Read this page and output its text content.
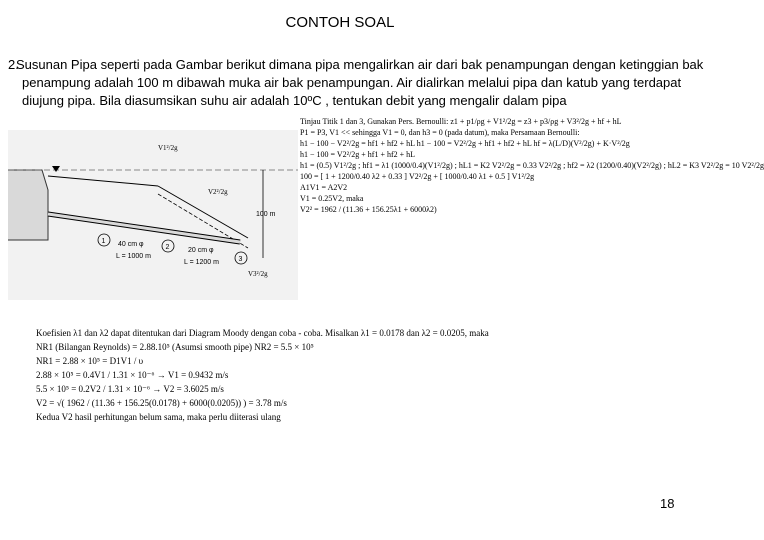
CONTOH SOAL
2.
Susunan Pipa seperti pada Gambar berikut dimana pipa mengalirkan air dari bak penampungan dengan ketinggian bak penampung adalah 100 m dibawah muka air bak penampungan. Air dialirkan melalui pipa dan katub yang terdapat diujung pipa. Bila diasumsikan suhu air adalah 10ºC , tentukan debit yang mengalir dalam pipa
100 m
V1²/2g
V2²/2g
V3²/2g
40 cm φ
L = 1000 m
20 cm φ
L = 1200 m
1
2
3
Tinjau Titik 1 dan 3, Gunakan Pers. Bernoulli: z1 + p1/ρg + V1²/2g = z3 + p3/ρg + V3²/2g + hf + hL
P1 = P3, V1 << sehingga V1 = 0, dan h3 = 0 (pada datum), maka Persamaan Bernoulli:
h1 − 100 − V2²/2g = hf1 + hf2 + hL h1 − 100 = V2²/2g + hf1 + hf2 + hL hf = λ(L/D)(V²/2g) + K·V²/2g
h1 − 100 = V2²/2g + hf1 + hf2 + hL
h1 = (0.5) V1²/2g ; hf1 = λ1 (1000/0.4)(V1²/2g) ; hL1 = K2 V2²/2g = 0.33 V2²/2g ; hf2 = λ2 (1200/0.40)(V2²/2g) ; hL2 = K3 V2²/2g = 10 V2²/2g
100 = [ 1 + 1200/0.40 λ2 + 0.33 ] V2²/2g + [ 1000/0.40 λ1 + 0.5 ] V1²/2g
A1V1 = A2V2
V1 = 0.25V2, maka
V2² = 1962 / (11.36 + 156.25λ1 + 6000λ2)
Koefisien λ1 dan λ2 dapat ditentukan dari Diagram Moody dengan coba - coba. Misalkan λ1 = 0.0178 dan λ2 = 0.0205, maka
NR1 (Bilangan Reynolds) = 2.88.10⁵ (Asumsi smooth pipe) NR2 = 5.5 × 10⁵
NR1 = 2.88 × 10⁵ = D1V1 / υ
2.88 × 10⁵ = 0.4V1 / 1.31 × 10⁻⁶ → V1 = 0.9432 m/s
5.5 × 10⁵ = 0.2V2 / 1.31 × 10⁻⁶ → V2 = 3.6025 m/s
V2 = √( 1962 / (11.36 + 156.25(0.0178) + 6000(0.0205)) ) = 3.78 m/s
Kedua V2 hasil perhitungan belum sama, maka perlu diiterasi ulang
18
